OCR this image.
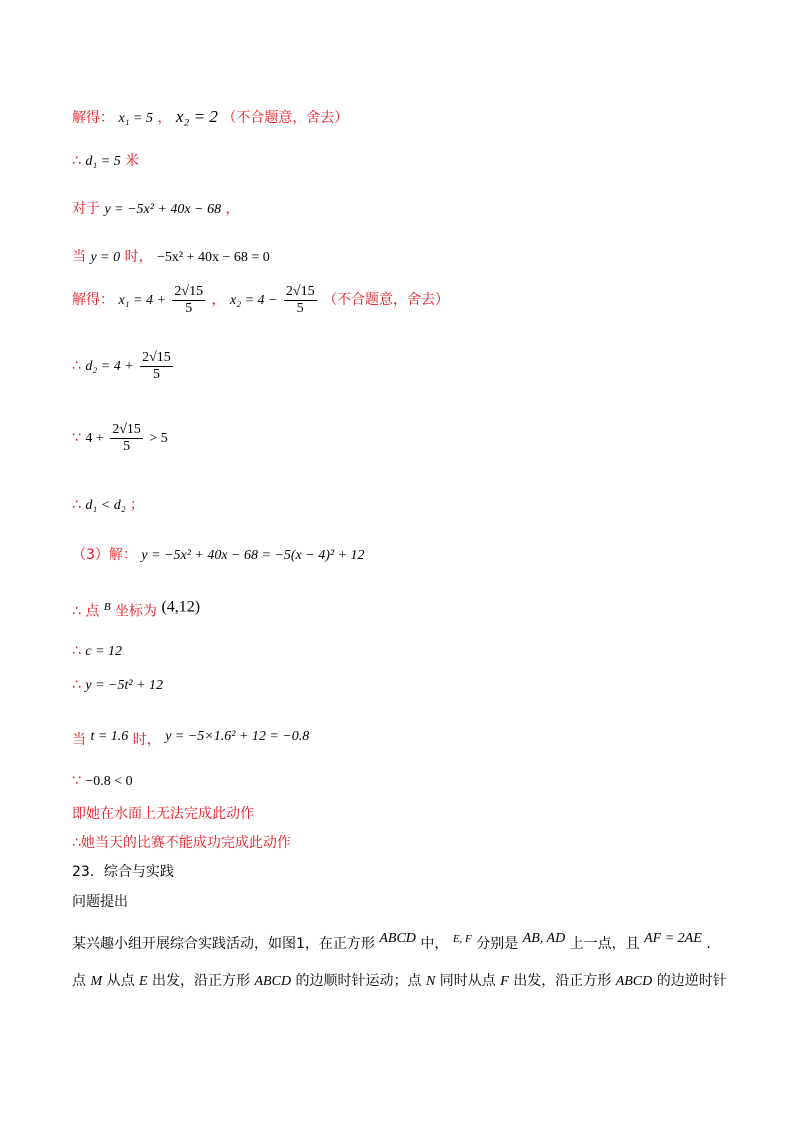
解得： x₁ = 5 ， x₂ = 2 （不合题意，舍去）
∴ d₁ = 5 米
对于 y = −5x² + 40x − 68 ，
当 y = 0 时， −5x² + 40x − 68 = 0
解得： $x_1 = 4 + \frac{2√15}{5}$ ， $x_2 = 4 - \frac{2√15}{5}$ （不合题意，舍去）
∴ $d_2 = 4 + \frac{2√15}{5}$
∵ $4 + \frac{2√15}{5} > 5$
∴ d₁ < d₂ ；
（3）解： y = −5x² + 40x − 68 = −5(x − 4)² + 12
∴ 点 $^B$ 坐标为 (4,12)
∴ c = 12
∴ y = −5t² + 12
当 t = 1.6 时， y = −5×1.6² + 12 = −0.8
∵ −0.8 < 0
即她在水面上无法完成此动作
∴她当天的比赛不能成功完成此动作
23．综合与实践
问题提出
某兴趣小组开展综合实践活动，如图1，在正方形 ABCD 中， $^{E, F}$ 分别是 AB, AD 上一点，且 AF = 2AE .
点 M 从点 E 出发，沿正方形 ABCD 的边顺时针运动；点 N 同时从点 F 出发，沿正方形 ABCD 的边逆时针
